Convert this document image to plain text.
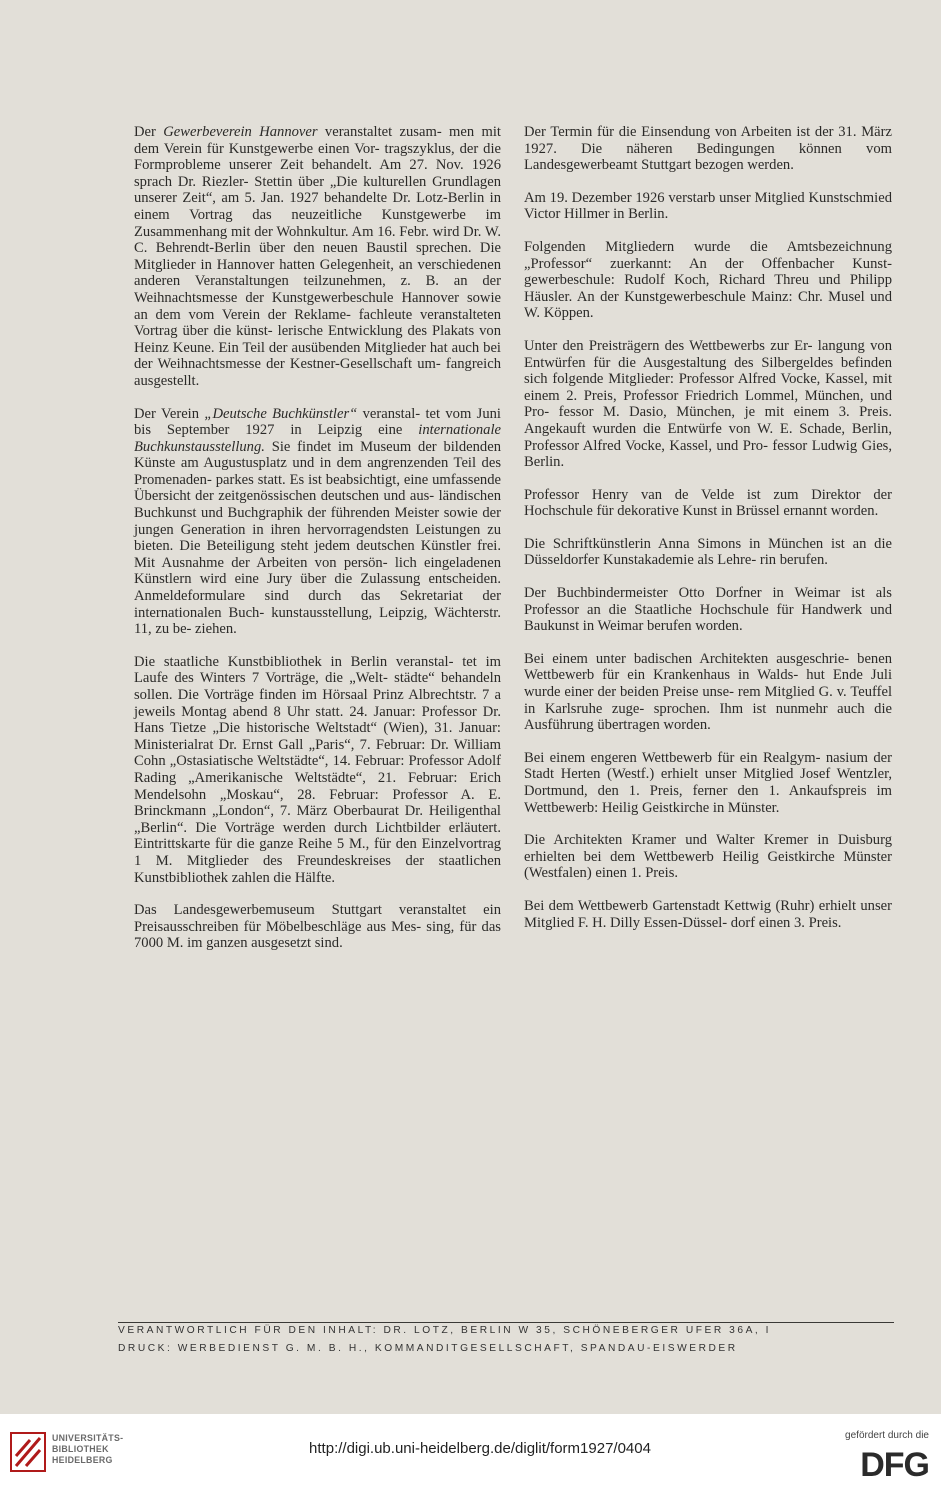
Der Gewerbeverein Hannover veranstaltet zusam- men mit dem Verein für Kunstgewerbe einen Vor- tragszyklus, der die Formprobleme unserer Zeit behandelt. Am 27. Nov. 1926 sprach Dr. Riezler- Stettin über „Die kulturellen Grundlagen unserer Zeit“, am 5. Jan. 1927 behandelte Dr. Lotz-Berlin in einem Vortrag das neuzeitliche Kunstgewerbe im Zusammenhang mit der Wohnkultur. Am 16. Febr. wird Dr. W. C. Behrendt-Berlin über den neuen Baustil sprechen. Die Mitglieder in Hannover hatten Gelegenheit, an verschiedenen anderen Veranstaltungen teilzunehmen, z. B. an der Weihnachtsmesse der Kunstgewerbeschule Hannover sowie an dem vom Verein der Reklame- fachleute veranstalteten Vortrag über die künst- lerische Entwicklung des Plakats von Heinz Keune. Ein Teil der ausübenden Mitglieder hat auch bei der Weihnachtsmesse der Kestner-Gesellschaft um- fangreich ausgestellt.

Der Verein „Deutsche Buchkünstler“ veranstal- tet vom Juni bis September 1927 in Leipzig eine internationale Buchkunstausstellung. Sie findet im Museum der bildenden Künste am Augustusplatz und in dem angrenzenden Teil des Promenaden- parkes statt. Es ist beabsichtigt, eine umfassende Übersicht der zeitgenössischen deutschen und aus- ländischen Buchkunst und Buchgraphik der führenden Meister sowie der jungen Generation in ihren hervorragendsten Leistungen zu bieten. Die Beteiligung steht jedem deutschen Künstler frei. Mit Ausnahme der Arbeiten von persön- lich eingeladenen Künstlern wird eine Jury über die Zulassung entscheiden. Anmeldeformulare sind durch das Sekretariat der internationalen Buch- kunstausstellung, Leipzig, Wächterstr. 11, zu be- ziehen.

Die staatliche Kunstbibliothek in Berlin veranstal- tet im Laufe des Winters 7 Vorträge, die „Welt- städte“ behandeln sollen. Die Vorträge finden im Hörsaal Prinz Albrechtstr. 7 a jeweils Montag abend 8 Uhr statt. 24. Januar: Professor Dr. Hans Tietze „Die historische Weltstadt“ (Wien), 31. Januar: Ministerialrat Dr. Ernst Gall „Paris“, 7. Februar: Dr. William Cohn „Ostasiatische Weltstädte“, 14. Februar: Professor Adolf Rading „Amerikanische Weltstädte“, 21. Februar: Erich Mendelsohn „Moskau“, 28. Februar: Professor A. E. Brinckmann „London“, 7. März Oberbaurat Dr. Heiligenthal „Berlin“. Die Vorträge werden durch Lichtbilder erläutert. Eintrittskarte für die ganze Reihe 5 M., für den Einzelvortrag 1 M. Mitglieder des Freundeskreises der staatlichen Kunstbibliothek zahlen die Hälfte.

Das Landesgewerbemuseum Stuttgart veranstaltet ein Preisausschreiben für Möbelbeschläge aus Mes- sing, für das 7000 M. im ganzen ausgesetzt sind.

Der Termin für die Einsendung von Arbeiten ist der 31. März 1927. Die näheren Bedingungen können vom Landesgewerbeamt Stuttgart bezogen werden.

Am 19. Dezember 1926 verstarb unser Mitglied Kunstschmied Victor Hillmer in Berlin.

Folgenden Mitgliedern wurde die Amtsbezeichnung „Professor“ zuerkannt: An der Offenbacher Kunst- gewerbeschule: Rudolf Koch, Richard Threu und Philipp Häusler. An der Kunstgewerbeschule Mainz: Chr. Musel und W. Köppen.

Unter den Preisträgern des Wettbewerbs zur Er- langung von Entwürfen für die Ausgestaltung des Silbergeldes befinden sich folgende Mitglieder: Professor Alfred Vocke, Kassel, mit einem 2. Preis, Professor Friedrich Lommel, München, und Pro- fessor M. Dasio, München, je mit einem 3. Preis. Angekauft wurden die Entwürfe von W. E. Schade, Berlin, Professor Alfred Vocke, Kassel, und Pro- fessor Ludwig Gies, Berlin.

Professor Henry van de Velde ist zum Direktor der Hochschule für dekorative Kunst in Brüssel ernannt worden.

Die Schriftkünstlerin Anna Simons in München ist an die Düsseldorfer Kunstakademie als Lehre- rin berufen.

Der Buchbindermeister Otto Dorfner in Weimar ist als Professor an die Staatliche Hochschule für Handwerk und Baukunst in Weimar berufen worden.

Bei einem unter badischen Architekten ausgeschrie- benen Wettbewerb für ein Krankenhaus in Walds- hut Ende Juli wurde einer der beiden Preise unse- rem Mitglied G. v. Teuffel in Karlsruhe zuge- sprochen. Ihm ist nunmehr auch die Ausführung übertragen worden.

Bei einem engeren Wettbewerb für ein Realgym- nasium der Stadt Herten (Westf.) erhielt unser Mitglied Josef Wentzler, Dortmund, den 1. Preis, ferner den 1. Ankaufspreis im Wettbewerb: Heilig Geistkirche in Münster.

Die Architekten Kramer und Walter Kremer in Duisburg erhielten bei dem Wettbewerb Heilig Geistkirche Münster (Westfalen) einen 1. Preis.

Bei dem Wettbewerb Gartenstadt Kettwig (Ruhr) erhielt unser Mitglied F. H. Dilly Essen-Düssel- dorf einen 3. Preis.

VERANTWORTLICH FÜR DEN INHALT: DR. LOTZ, BERLIN W 35, SCHÖNEBERGER UFER 36A, I
DRUCK: WERBEDIENST G. M. B. H., KOMMANDITGESELLSCHAFT, SPANDAU-EISWERDER
UNIVERSITÄTS-
BIBLIOTHEK
HEIDELBERG
http://digi.ub.uni-heidelberg.de/diglit/form1927/0404
gefördert durch die
DFG
